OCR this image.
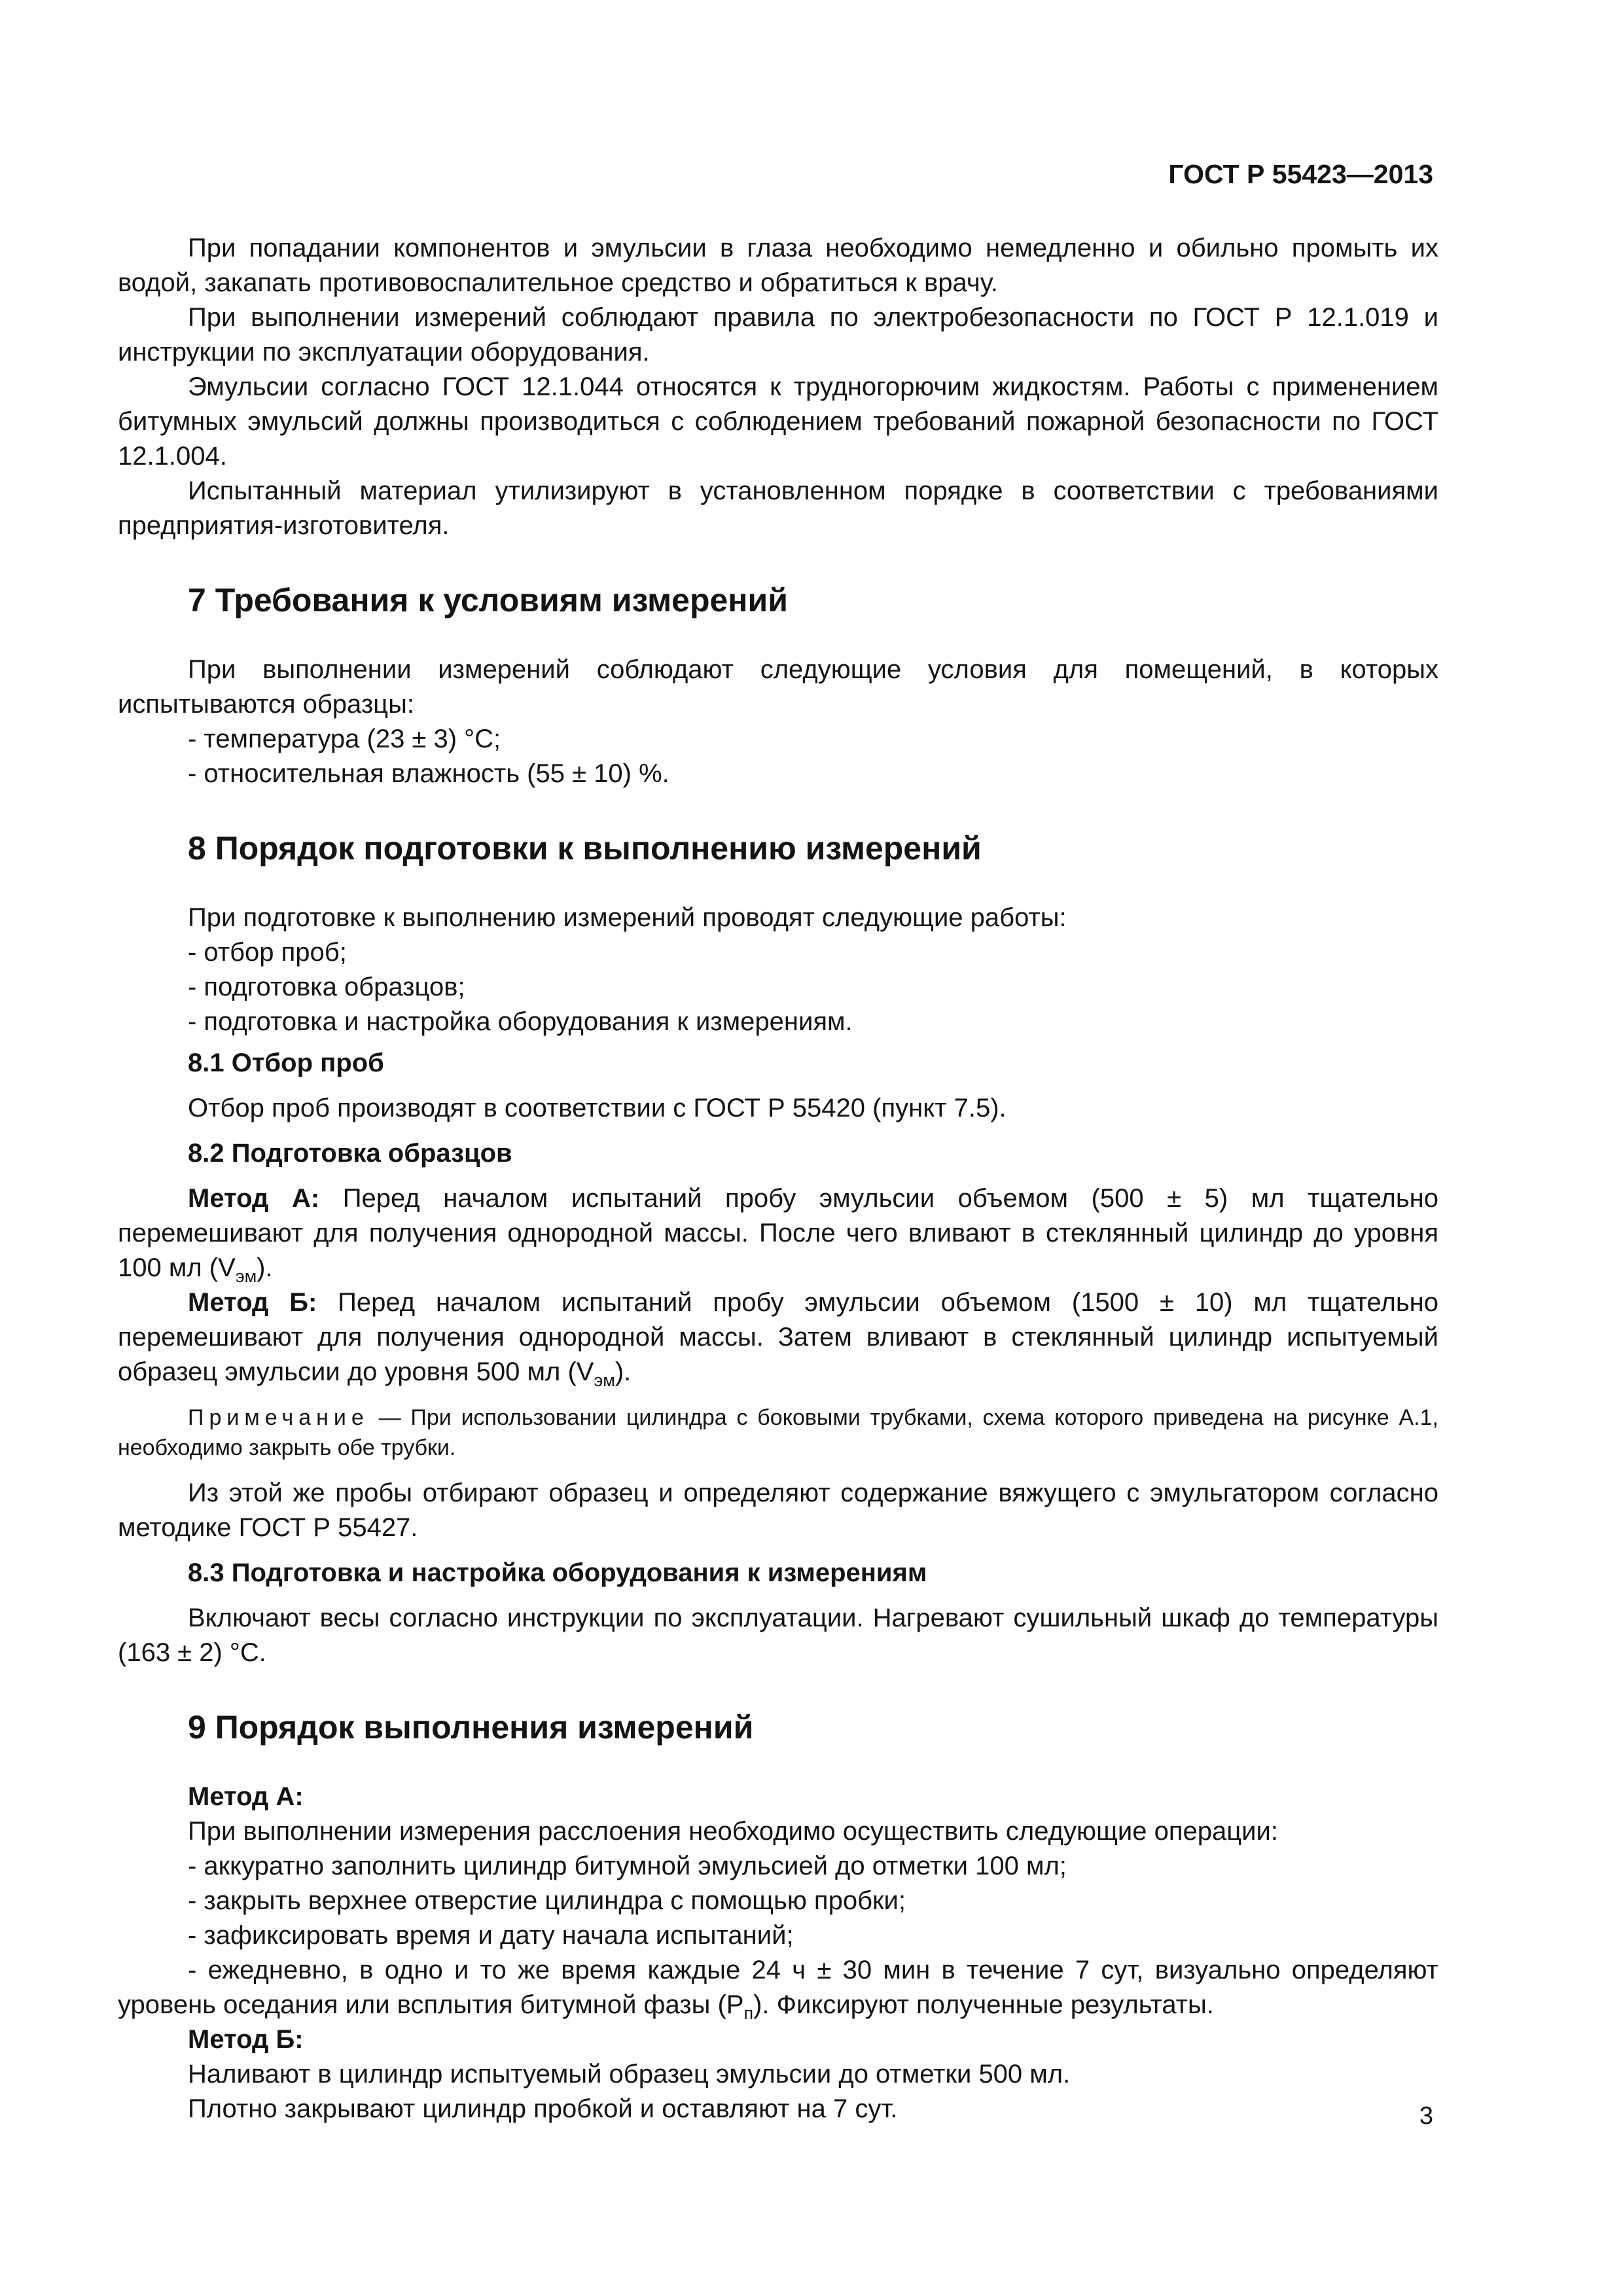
ГОСТ Р 55423—2013

При попадании компонентов и эмульсии в глаза необходимо немедленно и обильно промыть их водой, закапать противовоспалительное средство и обратиться к врачу.

При выполнении измерений соблюдают правила по электробезопасности по ГОСТ Р 12.1.019 и инструкции по эксплуатации оборудования.

Эмульсии согласно ГОСТ 12.1.044 относятся к трудногорючим жидкостям. Работы с применением битумных эмульсий должны производиться с соблюдением требований пожарной безопасности по ГОСТ 12.1.004.

Испытанный материал утилизируют в установленном порядке в соответствии с требованиями предприятия-изготовителя.

7 Требования к условиям измерений

При выполнении измерений соблюдают следующие условия для помещений, в которых испытываются образцы:

- температура (23 ± 3) °С;

- относительная влажность (55 ± 10) %.

8 Порядок подготовки к выполнению измерений

При подготовке к выполнению измерений проводят следующие работы:

- отбор проб;

- подготовка образцов;

- подготовка и настройка оборудования к измерениям.

8.1 Отбор проб

Отбор проб производят в соответствии с ГОСТ Р 55420 (пункт 7.5).

8.2 Подготовка образцов

Метод А: Перед началом испытаний пробу эмульсии объемом (500 ± 5) мл тщательно перемешивают для получения однородной массы. После чего вливают в стеклянный цилиндр до уровня 100 мл $(V_{эм})$.

Метод Б: Перед началом испытаний пробу эмульсии объемом (1500 ± 10) мл тщательно перемешивают для получения однородной массы. Затем вливают в стеклянный цилиндр испытуемый образец эмульсии до уровня 500 мл $(V_{эм})$.

Примечание — При использовании цилиндра с боковыми трубками, схема которого приведена на рисунке А.1, необходимо закрыть обе трубки.

Из этой же пробы отбирают образец и определяют содержание вяжущего с эмульгатором согласно методике ГОСТ Р 55427.

8.3 Подготовка и настройка оборудования к измерениям

Включают весы согласно инструкции по эксплуатации. Нагревают сушильный шкаф до температуры (163 ± 2) °С.

9 Порядок выполнения измерений

Метод А:

При выполнении измерения расслоения необходимо осуществить следующие операции:

- аккуратно заполнить цилиндр битумной эмульсией до отметки 100 мл;

- закрыть верхнее отверстие цилиндра с помощью пробки;

- зафиксировать время и дату начала испытаний;

- ежедневно, в одно и то же время каждые 24 ч ± 30 мин в течение 7 сут, визуально определяют уровень оседания или всплытия битумной фазы $(Р_п)$. Фиксируют полученные результаты.

Метод Б:

Наливают в цилиндр испытуемый образец эмульсии до отметки 500 мл.

Плотно закрывают цилиндр пробкой и оставляют на 7 сут.	3
